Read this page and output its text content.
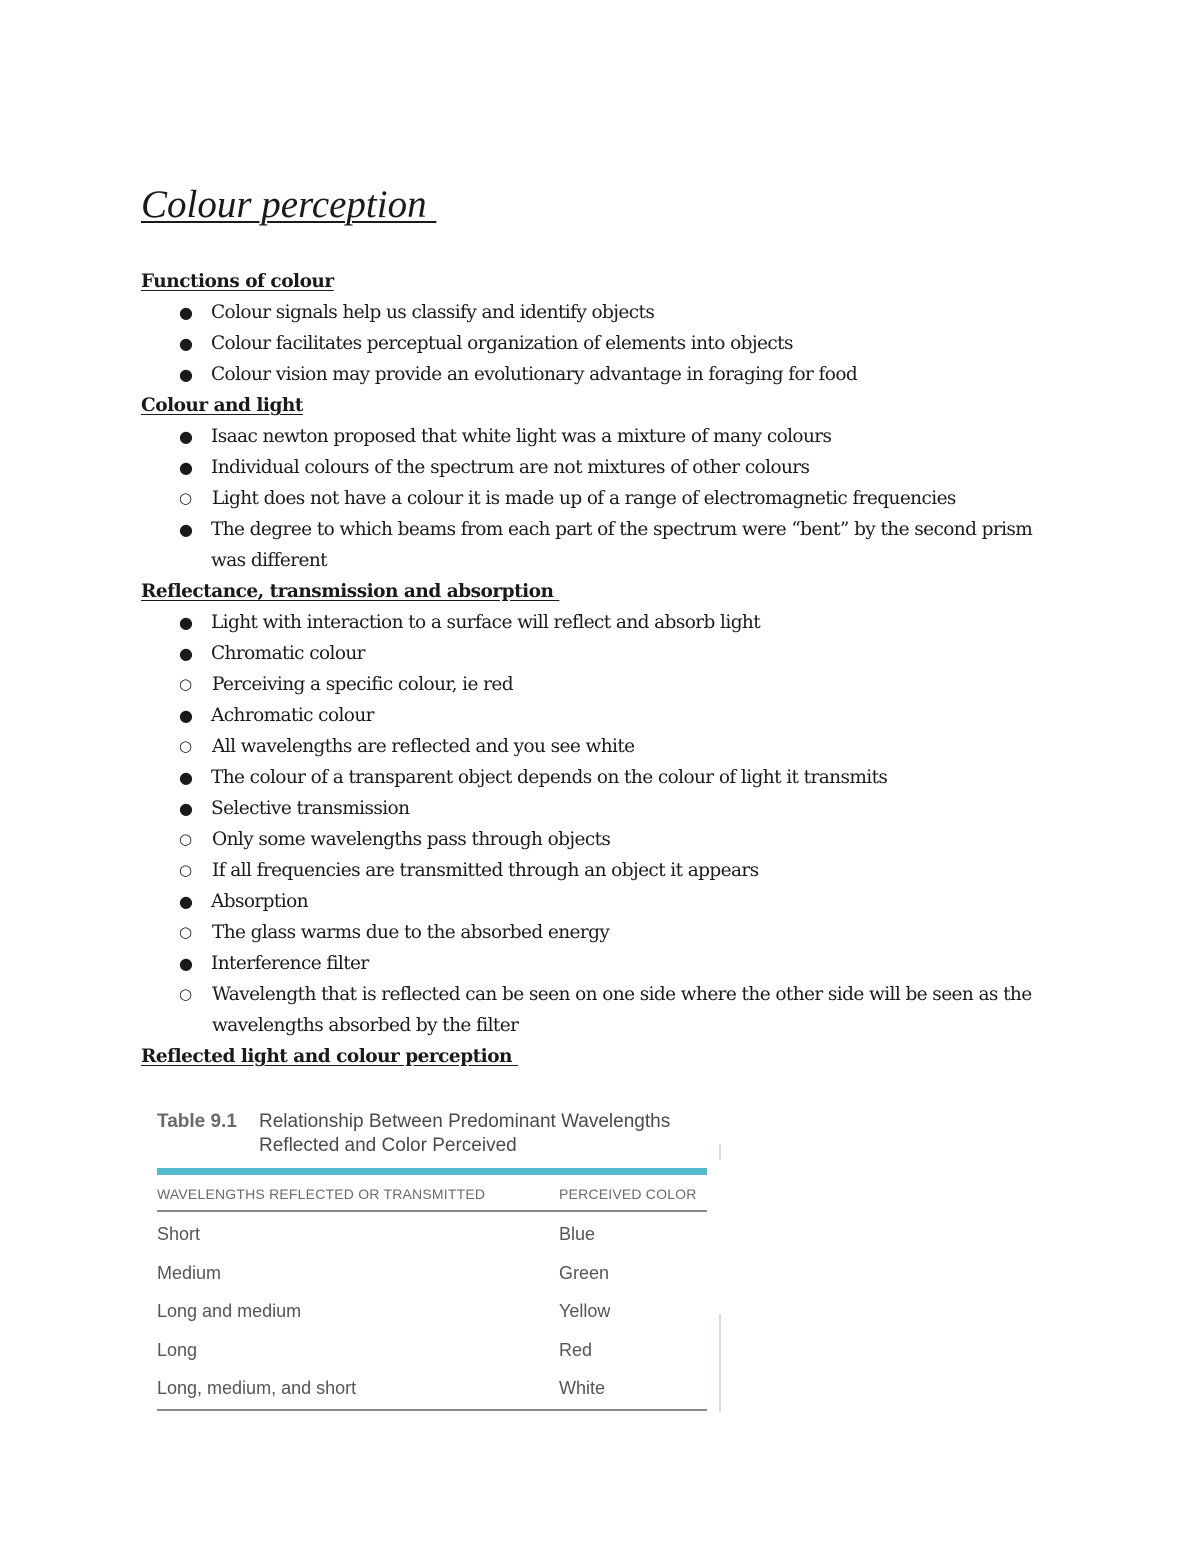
Colour perception
Functions of colour
● Colour signals help us classify and identify objects
● Colour facilitates perceptual organization of elements into objects
● Colour vision may provide an evolutionary advantage in foraging for food
Colour and light
● Isaac newton proposed that white light was a mixture of many colours
● Individual colours of the spectrum are not mixtures of other colours
○ Light does not have a colour it is made up of a range of electromagnetic frequencies
● The degree to which beams from each part of the spectrum were “bent” by the second prism was different
Reflectance, transmission and absorption
● Light with interaction to a surface will reflect and absorb light
● Chromatic colour
○ Perceiving a specific colour, ie red
● Achromatic colour
○ All wavelengths are reflected and you see white
● The colour of a transparent object depends on the colour of light it transmits
● Selective transmission
○ Only some wavelengths pass through objects
○ If all frequencies are transmitted through an object it appears
● Absorption
○ The glass warms due to the absorbed energy
● Interference filter
○ Wavelength that is reflected can be seen on one side where the other side will be seen as the wavelengths absorbed by the filter
Reflected light and colour perception
Table 9.1	Relationship Between Predominant Wavelengths Reflected and Color Perceived
WAVELENGTHS REFLECTED OR TRANSMITTED	PERCEIVED COLOR
Short	Blue
Medium	Green
Long and medium	Yellow
Long	Red
Long, medium, and short	White
